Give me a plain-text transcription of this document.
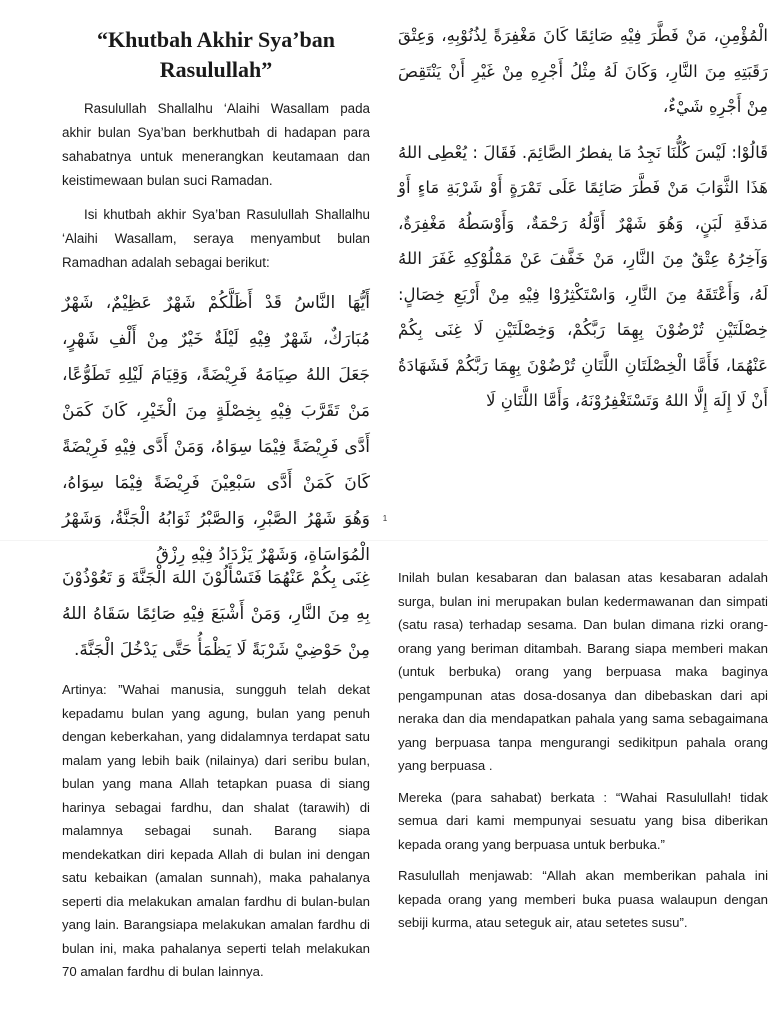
“Khutbah Akhir Sya’ban Rasulullah”

Rasulullah Shallalhu ‘Alaihi Wasallam pada akhir bulan Sya’ban berkhutbah di hadapan para sahabatnya untuk menerangkan keutamaan dan keistimewaan bulan suci Ramadan.

Isi khutbah akhir Sya’ban Rasulullah Shallalhu ‘Alaihi Wasallam, seraya menyambut bulan Ramadhan adalah sebagai berikut:

أَيُّهَا النَّاسُ قَدْ أَظَلَّكُمْ شَهْرٌ عَظِيْمٌ، شَهْرٌ مُبَارَكٌ، شَهْرٌ فِيْهِ لَيْلَةٌ خَيْرٌ مِنْ أَلْفِ شَهْرٍ، جَعَلَ اللهُ صِيَامَهُ فَرِيْضَةً، وَقِيَامَ لَيْلِهِ تَطَوُّعًا، مَنْ تَقَرَّبَ فِيْهِ بِخِصْلَةٍ مِنَ الْخَيْرِ، كَانَ كَمَنْ أَدَّى فَرِيْضَةً فِيْمَا سِوَاهُ، وَمَنْ أَدَّى فِيْهِ فَرِيْضَةً كَانَ كَمَنْ أَدَّى سَبْعِيْنَ فَرِيْضَةً فِيْمَا سِوَاهُ، وَهُوَ شَهْرُ الصَّبْرِ، وَالصَّبْرُ ثَوَابُهُ الْجَنَّةُ، وَشَهْرُ الْمُوَاسَاةِ، وَشَهْرٌ يَزْدَادُ فِيْهِ رِزْقُ

الْمُؤْمِنِ، مَنْ فَطَّرَ فِيْهِ صَائِمًا كَانَ مَغْفِرَةً لِذُنُوْبِهِ، وَعِتْقَ رَقَبَتِهِ مِنَ النَّارِ، وَكَانَ لَهُ مِثْلُ أَجْرِهِ مِنْ غَيْرِ أَنْ يَنْتَقِصَ مِنْ أَجْرِهِ شَيْءٌ،

قَالُوْا: لَيْسَ كُلُّنَا نَجِدُ مَا يفطرُ الصَّائِمَ. فَقَالَ : يُعْطِى اللهُ هَذَا الثَّوَابَ مَنْ فَطَّرَ صَائِمًا عَلَى تَمْرَةٍ أَوْ شَرْبَةِ مَاءٍ أَوْ مَذقَةِ لَبَنٍ، وَهُوَ شَهْرٌ أَوَّلُهُ رَحْمَةٌ، وَأَوْسَطُهُ مَغْفِرَةٌ، وَآخِرُهُ عِتْقٌ مِنَ النَّارِ، مَنْ خَفَّفَ عَنْ مَمْلُوْكِهِ غَفَرَ اللهُ لَهُ، وَأَعْتَقَهُ مِنَ النَّارِ، وَاسْتَكْثِرُوْا فِيْهِ مِنْ أَرْبَعِ خِصَالٍ: خِصْلَتَيْنِ تُرْضُوْنَ بِهِمَا رَبَّكُمْ، وَخِصْلَتَيْنِ لَا غِنَى بِكُمْ عَنْهُمَا، فَأَمَّا الْخِصْلَتَانِ اللَّتَانِ تُرْضُوْنَ بِهِمَا رَبَّكُمْ فَشَهَادَةُ أَنْ لَا إِلَهَ إِلَّا اللهُ وَتَسْتَغْفِرُوْنَهُ، وَأَمَّا اللَّتَانِ لَا

1

غِنَى بِكُمْ عَنْهُمَا فَتَسْأَلُوْنَ اللهَ الْجَنَّةَ وَ تَعُوْذُوْنَ بِهِ مِنَ النَّارِ، وَمَنْ أَشْبَعَ فِيْهِ صَائِمًا سَقَاهُ اللهُ مِنْ حَوْضِيْ شَرْبَةً لَا يَظْمَأُ حَتَّى يَدْخُلَ الْجَنَّةَ.

Artinya: ”Wahai manusia, sungguh telah dekat kepadamu bulan yang agung, bulan yang penuh dengan keberkahan, yang didalamnya terdapat satu malam yang lebih baik (nilainya) dari seribu bulan, bulan yang mana Allah tetapkan puasa di siang harinya sebagai fardhu, dan shalat (tarawih) di malamnya sebagai sunah. Barang siapa mendekatkan diri kepada Allah di bulan ini dengan satu kebaikan (amalan sunnah), maka pahalanya seperti dia melakukan amalan fardhu di bulan-bulan yang lain. Barangsiapa melakukan amalan fardhu di bulan ini, maka pahalanya seperti telah melakukan 70 amalan fardhu di bulan lainnya.

Inilah bulan kesabaran dan balasan atas kesabaran adalah surga, bulan ini merupakan bulan kedermawanan dan simpati (satu rasa) terhadap sesama. Dan bulan dimana rizki orang-orang yang beriman ditambah. Barang siapa memberi makan (untuk berbuka) orang yang berpuasa maka baginya pengampunan atas dosa-dosanya dan dibebaskan dari api neraka dan dia mendapatkan pahala yang sama sebagaimana yang berpuasa tanpa mengurangi sedikitpun pahala orang yang berpuasa .

Mereka (para sahabat) berkata : “Wahai Rasulullah! tidak semua dari kami mempunyai sesuatu yang bisa diberikan kepada orang yang berpuasa untuk berbuka.”

Rasulullah menjawab: “Allah akan memberikan pahala ini kepada orang yang memberi buka puasa walaupun dengan sebiji kurma, atau seteguk air, atau setetes susu”.
